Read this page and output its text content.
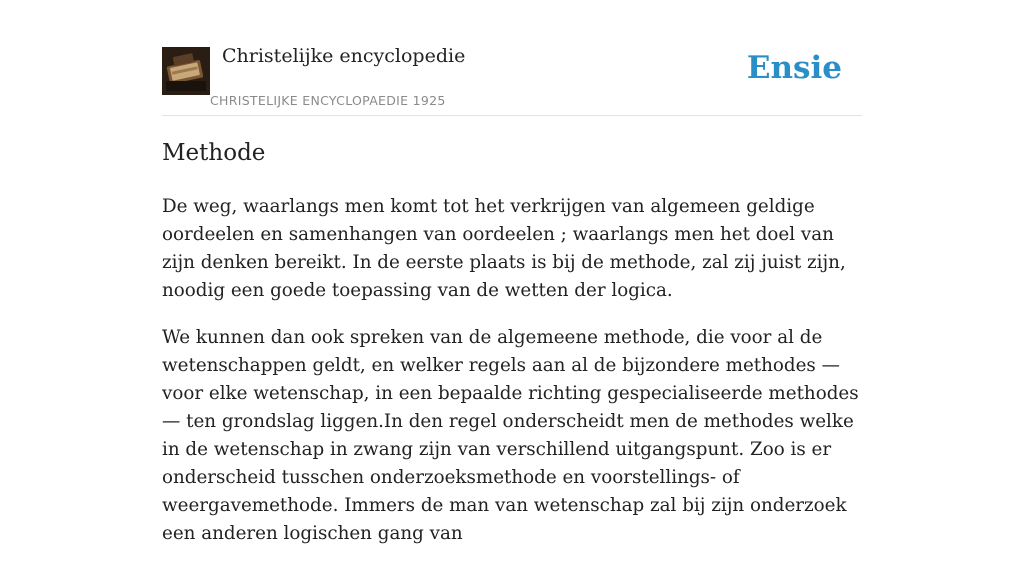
Christelijke encyclopedie
CHRISTELIJKE ENCYCLOPAEDIE 1925
Ensie
Methode

De weg, waarlangs men komt tot het verkrijgen van algemeen geldige oordeelen en samenhangen van oordeelen ; waarlangs men het doel van zijn denken bereikt. In de eerste plaats is bij de methode, zal zij juist zijn, noodig een goede toepassing van de wetten der logica.

We kunnen dan ook spreken van de algemeene methode, die voor al de wetenschappen geldt, en welker regels aan al de bijzondere methodes — voor elke wetenschap, in een bepaalde richting gespecialiseerde methodes — ten grondslag liggen.In den regel onderscheidt men de methodes welke in de wetenschap in zwang zijn van verschillend uitgangspunt. Zoo is er onderscheid tusschen onderzoeksmethode en voorstellings- of weergavemethode. Immers de man van wetenschap zal bij zijn onderzoek een anderen logischen gang van
